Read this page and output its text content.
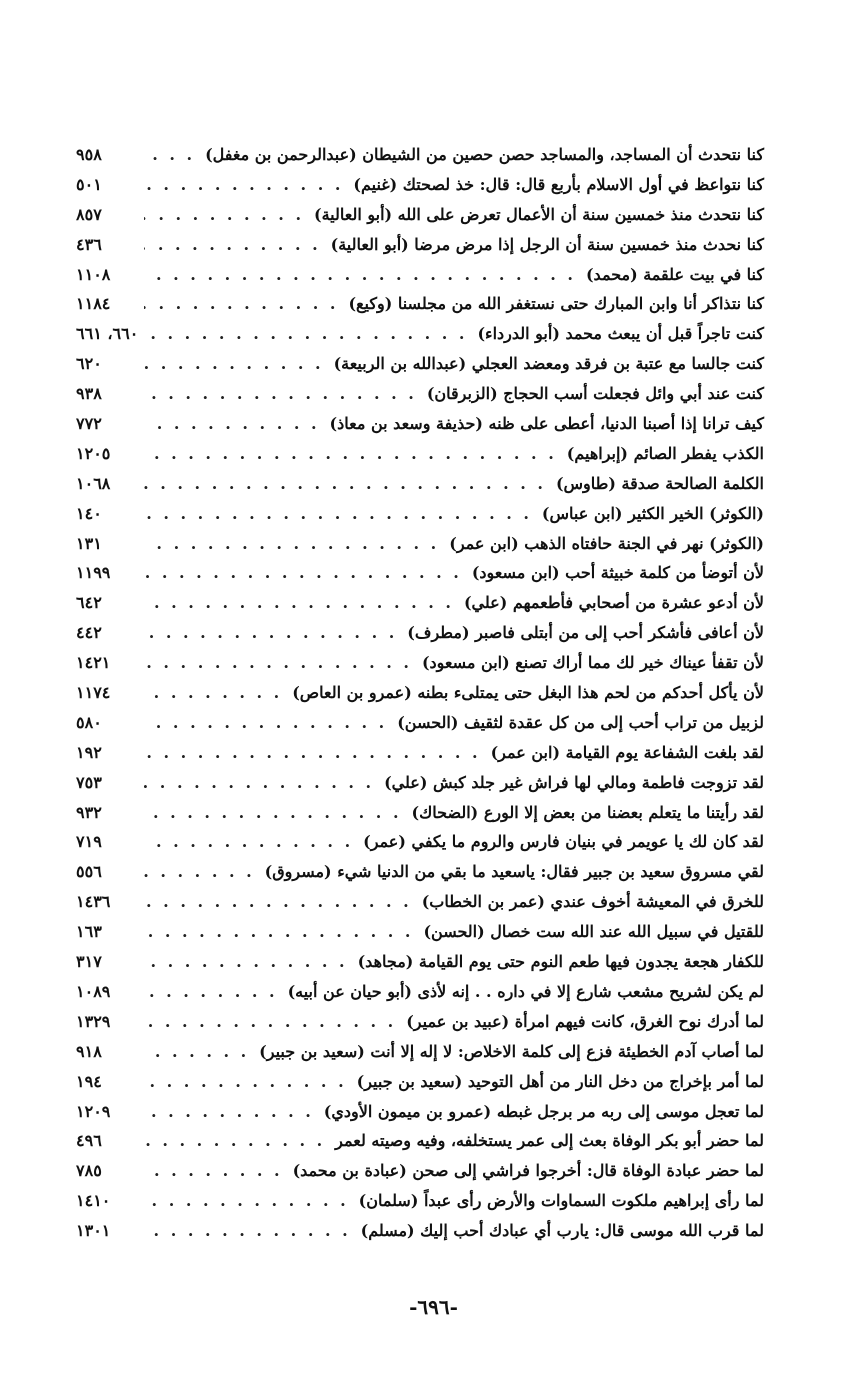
كنا نتحدث أن المساجد، والمساجد حصن حصين من الشيطان (عبدالرحمن بن مغفل)
. . .
٩٥٨
كنا نتواعظ في أول الاسلام بأربع قال: قال: خذ لصحتك (غنيم)
. . .
٥٠١
كنا نتحدث منذ خمسين سنة أن الأعمال تعرض على الله (أبو العالية)
. . .
٨٥٧
كنا نحدث منذ خمسين سنة أن الرجل إذا مرض مرضا (أبو العالية)
. . .
٤٣٦
كنا في بيت علقمة (محمد)
. . .
١١٠٨
كنا نتذاكر أنا وابن المبارك حتى نستغفر الله من مجلسنا (وكيع)
. . .
١١٨٤
كنت تاجراً قبل أن يبعث محمد (أبو الدرداء)
. . .
٦٦٠، ٦٦١
كنت جالسا مع عتبة بن فرقد ومعضد العجلي (عبدالله بن الربيعة)
. . .
٦٢٠
كنت عند أبي وائل فجعلت أسب الحجاج (الزبرقان)
. . .
٩٣٨
كيف ترانا إذا أصبنا الدنيا، أعطى على ظنه (حذيفة وسعد بن معاذ)
. . .
٧٧٢
الكذب يفطر الصائم (إبراهيم)
. . .
١٢٠٥
الكلمة الصالحة صدقة (طاوس)
. . .
١٠٦٨
(الكوثر) الخير الكثير (ابن عباس)
. . .
١٤٠
(الكوثر) نهر في الجنة حافتاه الذهب (ابن عمر)
. . .
١٣١
لأن أتوضأ من كلمة خبيثة أحب (ابن مسعود)
. . .
١١٩٩
لأن أدعو عشرة من أصحابي فأطعمهم (علي)
. . .
٦٤٢
لأن أعافى فأشكر أحب إلى من أبتلى فاصبر (مطرف)
. . .
٤٤٢
لأن تقفأ عيناك خير لك مما أراك تصنع (ابن مسعود)
. . .
١٤٢١
لأن يأكل أحدكم من لحم هذا البغل حتى يمتلىء بطنه (عمرو بن العاص)
. . .
١١٧٤
لزبيل من تراب أحب إلى من كل عقدة لثقيف (الحسن)
. . .
٥٨٠
لقد بلغت الشفاعة يوم القيامة (ابن عمر)
. . .
١٩٢
لقد تزوجت فاطمة ومالي لها فراش غير جلد كبش (علي)
. . .
٧٥٣
لقد رأيتنا ما يتعلم بعضنا من بعض إلا الورع (الضحاك)
. . .
٩٣٢
لقد كان لك يا عويمر في بنيان فارس والروم ما يكفي (عمر)
. . .
٧١٩
لقي مسروق سعيد بن جبير فقال: ياسعيد ما بقي من الدنيا شيء (مسروق)
. . .
٥٥٦
للخرق في المعيشة أخوف عندي (عمر بن الخطاب)
. . .
١٤٣٦
للقتيل في سبيل الله عند الله ست خصال (الحسن)
. . .
١٦٣
للكفار هجعة يجدون فيها طعم النوم حتى يوم القيامة (مجاهد)
. . .
٣١٧
لم يكن لشريح مشعب شارع إلا في داره . . إنه لأذى (أبو حيان عن أبيه)
. . .
١٠٨٩
لما أدرك نوح الغرق، كانت فيهم امرأة (عبيد بن عمير)
. . .
١٣٢٩
لما أصاب آدم الخطيئة فزع إلى كلمة الاخلاص: لا إله إلا أنت (سعيد بن جبير)
. . .
٩١٨
لما أمر بإخراج من دخل النار من أهل التوحيد (سعيد بن جبير)
. . .
١٩٤
لما تعجل موسى إلى ربه مر برجل غبطه (عمرو بن ميمون الأودي)
. . .
١٢٠٩
لما حضر أبو بكر الوفاة بعث إلى عمر يستخلفه، وفيه وصيته لعمر
. . .
٤٩٦
لما حضر عبادة الوفاة قال: أخرجوا فراشي إلى صحن (عبادة بن محمد)
. . .
٧٨٥
لما رأى إبراهيم ملكوت السماوات والأرض رأى عبداً (سلمان)
. . .
١٤١٠
لما قرب الله موسى قال: يارب أي عبادك أحب إليك (مسلم)
. . .
١٣٠١
-٦٩٦-
